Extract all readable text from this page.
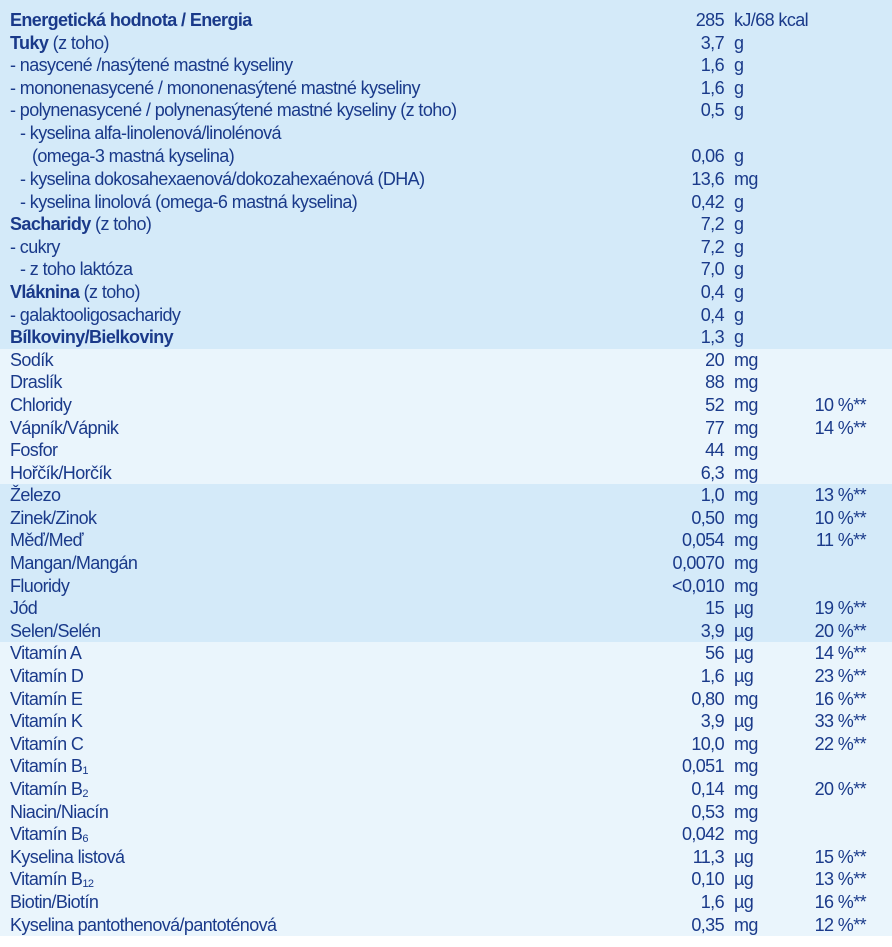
Energetická hodnota / Energia	285 kJ/68 kcal
Tuky (z toho)	3,7 g
- nasycené /nasýtené mastné kyseliny	1,6 g
- mononenasycené / mononenasýtené mastné kyseliny	1,6 g
- polynenasycené / polynenasýtené mastné kyseliny (z toho)	0,5 g
- kyselina alfa-linolenová/linolénová
(omega-3 mastná kyselina)	0,06 g
- kyselina dokosahexaenová/dokozahexaénová (DHA)	13,6 mg
- kyselina linolová (omega-6 mastná kyselina)	0,42 g
Sacharidy (z toho)	7,2 g
- cukry	7,2 g
- z toho laktóza	7,0 g
Vláknina (z toho)	0,4 g
- galaktooligosacharidy	0,4 g
Bílkoviny/Bielkoviny	1,3 g
Sodík	20 mg
Draslík	88 mg
Chloridy	52 mg	10 %**
Vápník/Vápnik	77 mg	14 %**
Fosfor	44 mg
Hořčík/Horčík	6,3 mg
Železo	1,0 mg	13 %**
Zinek/Zinok	0,50 mg	10 %**
Měď/Meď	0,054 mg	11 %**
Mangan/Mangán	0,0070 mg
Fluoridy	<0,010 mg
Jód	15 µg	19 %**
Selen/Selén	3,9 µg	20 %**
Vitamín A	56 µg	14 %**
Vitamín D	1,6 µg	23 %**
Vitamín E	0,80 mg	16 %**
Vitamín K	3,9 µg	33 %**
Vitamín C	10,0 mg	22 %**
Vitamín $B_1$	0,051 mg
Vitamín $B_2$	0,14 mg	20 %**
Niacin/Niacín	0,53 mg
Vitamín $B_6$	0,042 mg
Kyselina listová	11,3 µg	15 %**
Vitamín $B_{12}$	0,10 µg	13 %**
Biotin/Biotín	1,6 µg	16 %**
Kyselina pantothenová/pantoténová	0,35 mg	12 %**
